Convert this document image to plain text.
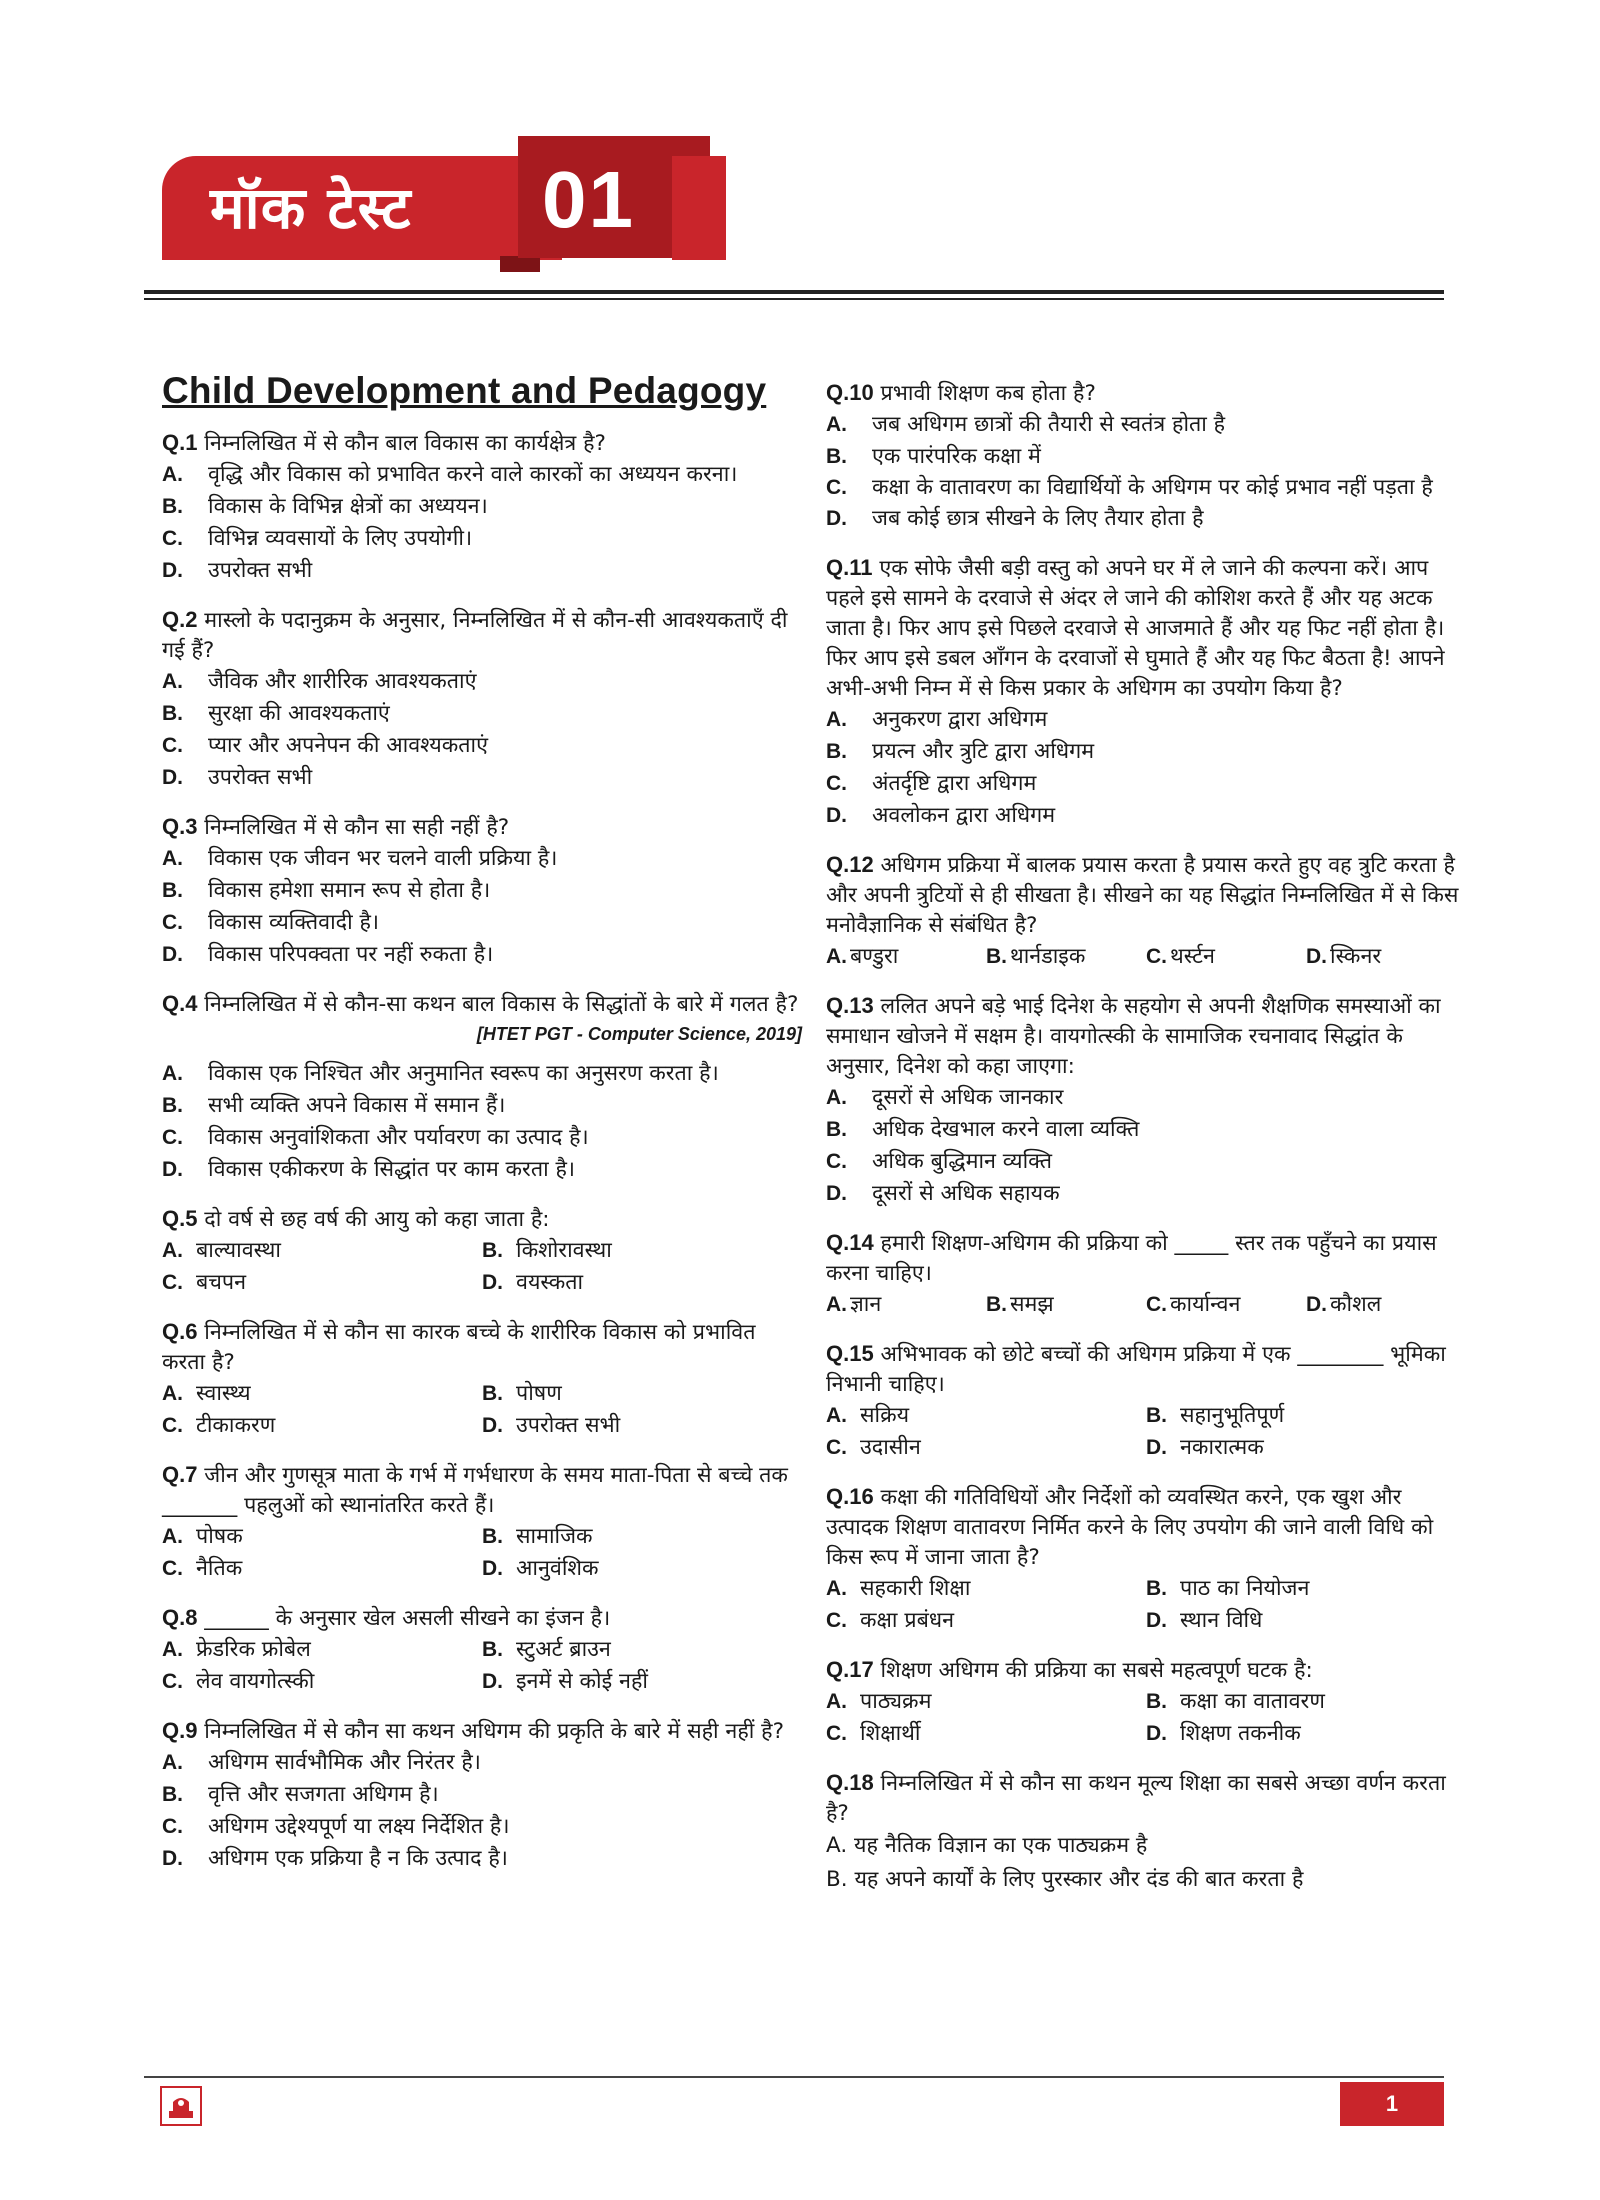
मॉक टेस्ट 01
Child Development and Pedagogy
Q.1 निम्नलिखित में से कौन बाल विकास का कार्यक्षेत्र है?
A.	वृद्धि और विकास को प्रभावित करने वाले कारकों का अध्ययन करना।
B.	विकास के विभिन्न क्षेत्रों का अध्ययन।
C.	विभिन्न व्यवसायों के लिए उपयोगी।
D.	उपरोक्त सभी
Q.2 मास्लो के पदानुक्रम के अनुसार, निम्नलिखित में से कौन-सी आवश्यकताएँ दी गई हैं?
A.	जैविक और शारीरिक आवश्यकताएं
B.	सुरक्षा की आवश्यकताएं
C.	प्यार और अपनेपन की आवश्यकताएं
D.	उपरोक्त सभी
Q.3 निम्नलिखित में से कौन सा सही नहीं है?
A.	विकास एक जीवन भर चलने वाली प्रक्रिया है।
B.	विकास हमेशा समान रूप से होता है।
C.	विकास व्यक्तिवादी है।
D.	विकास परिपक्वता पर नहीं रुकता है।
Q.4 निम्नलिखित में से कौन-सा कथन बाल विकास के सिद्धांतों के बारे में गलत है?
[HTET PGT - Computer Science, 2019]
A.	विकास एक निश्चित और अनुमानित स्वरूप का अनुसरण करता है।
B.	सभी व्यक्ति अपने विकास में समान हैं।
C.	विकास अनुवांशिकता और पर्यावरण का उत्पाद है।
D.	विकास एकीकरण के सिद्धांत पर काम करता है।
Q.5 दो वर्ष से छह वर्ष की आयु को कहा जाता है:
A. बाल्यावस्था	B. किशोरावस्था
C. बचपन	D. वयस्कता
Q.6 निम्नलिखित में से कौन सा कारक बच्चे के शारीरिक विकास को प्रभावित करता है?
A. स्वास्थ्य	B. पोषण
C. टीकाकरण	D. उपरोक्त सभी
Q.7 जीन और गुणसूत्र माता के गर्भ में गर्भधारण के समय माता-पिता से बच्चे तक _______ पहलुओं को स्थानांतरित करते हैं।
A. पोषक	B. सामाजिक
C. नैतिक	D. आनुवंशिक
Q.8 ______ के अनुसार खेल असली सीखने का इंजन है।
A. फ्रेडरिक फ्रोबेल	B. स्टुअर्ट ब्राउन
C. लेव वायगोत्स्की	D. इनमें से कोई नहीं
Q.9 निम्नलिखित में से कौन सा कथन अधिगम की प्रकृति के बारे में सही नहीं है?
A.	अधिगम सार्वभौमिक और निरंतर है।
B.	वृत्ति और सजगता अधिगम है।
C.	अधिगम उद्देश्यपूर्ण या लक्ष्य निर्देशित है।
D.	अधिगम एक प्रक्रिया है न कि उत्पाद है।
Q.10 प्रभावी शिक्षण कब होता है?
A.	जब अधिगम छात्रों की तैयारी से स्वतंत्र होता है
B.	एक पारंपरिक कक्षा में
C.	कक्षा के वातावरण का विद्यार्थियों के अधिगम पर कोई प्रभाव नहीं पड़ता है
D.	जब कोई छात्र सीखने के लिए तैयार होता है
Q.11 एक सोफे जैसी बड़ी वस्तु को अपने घर में ले जाने की कल्पना करें। आप पहले इसे सामने के दरवाजे से अंदर ले जाने की कोशिश करते हैं और यह अटक जाता है। फिर आप इसे पिछले दरवाजे से आजमाते हैं और यह फिट नहीं होता है। फिर आप इसे डबल आँगन के दरवाजों से घुमाते हैं और यह फिट बैठता है! आपने अभी-अभी निम्न में से किस प्रकार के अधिगम का उपयोग किया है?
A.	अनुकरण द्वारा अधिगम
B.	प्रयत्न और त्रुटि द्वारा अधिगम
C.	अंतर्दृष्टि द्वारा अधिगम
D.	अवलोकन द्वारा अधिगम
Q.12 अधिगम प्रक्रिया में बालक प्रयास करता है प्रयास करते हुए वह त्रुटि करता है और अपनी त्रुटियों से ही सीखता है। सीखने का यह सिद्धांत निम्नलिखित में से किस मनोवैज्ञानिक से संबंधित है?
A. बण्डुरा	B. थार्नडाइक	C. थर्स्टन	D. स्किनर
Q.13 ललित अपने बड़े भाई दिनेश के सहयोग से अपनी शैक्षणिक समस्याओं का समाधान खोजने में सक्षम है। वायगोत्स्की के सामाजिक रचनावाद सिद्धांत के अनुसार, दिनेश को कहा जाएगा:
A.	दूसरों से अधिक जानकार
B.	अधिक देखभाल करने वाला व्यक्ति
C.	अधिक बुद्धिमान व्यक्ति
D.	दूसरों से अधिक सहायक
Q.14 हमारी शिक्षण-अधिगम की प्रक्रिया को _____ स्तर तक पहुँचने का प्रयास करना चाहिए।
A. ज्ञान	B. समझ	C. कार्यान्वन	D. कौशल
Q.15 अभिभावक को छोटे बच्चों की अधिगम प्रक्रिया में एक ________ भूमिका निभानी चाहिए।
A. सक्रिय	B. सहानुभूतिपूर्ण
C. उदासीन	D. नकारात्मक
Q.16 कक्षा की गतिविधियों और निर्देशों को व्यवस्थित करने, एक खुश और उत्पादक शिक्षण वातावरण निर्मित करने के लिए उपयोग की जाने वाली विधि को किस रूप में जाना जाता है?
A. सहकारी शिक्षा	B. पाठ का नियोजन
C. कक्षा प्रबंधन	D. स्थान विधि
Q.17 शिक्षण अधिगम की प्रक्रिया का सबसे महत्वपूर्ण घटक है:
A. पाठ्यक्रम	B. कक्षा का वातावरण
C. शिक्षार्थी	D. शिक्षण तकनीक
Q.18 निम्नलिखित में से कौन सा कथन मूल्य शिक्षा का सबसे अच्छा वर्णन करता है?
A. यह नैतिक विज्ञान का एक पाठ्यक्रम है
B. यह अपने कार्यों के लिए पुरस्कार और दंड की बात करता है
1
